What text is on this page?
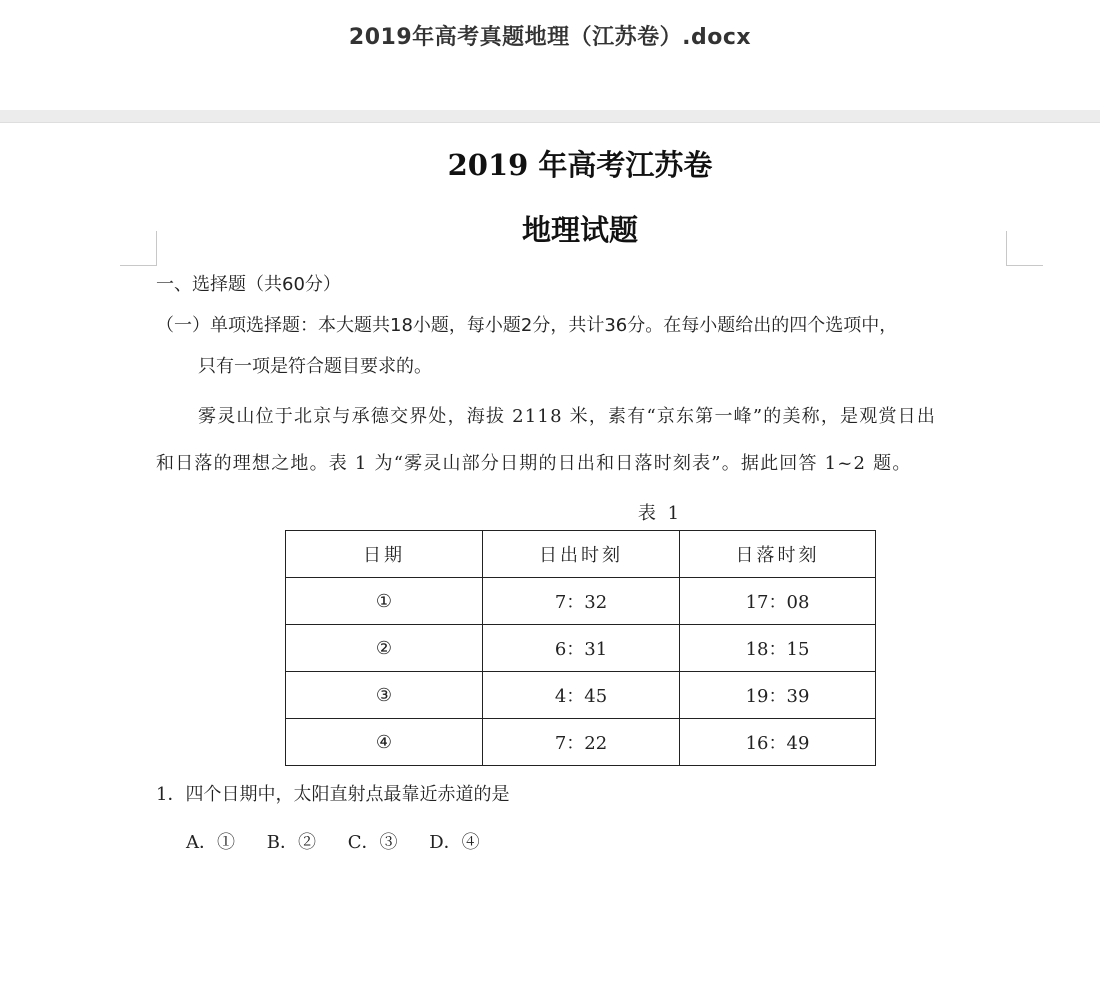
2019年高考真题地理（江苏卷）.docx
2019 年高考江苏卷
地理试题
一、选择题（共60分）
（一）单项选择题：本大题共18小题，每小题2分，共计36分。在每小题给出的四个选项中，
只有一项是符合题目要求的。
雾灵山位于北京与承德交界处，海拔 2118 米，素有“京东第一峰”的美称，是观赏日出
和日落的理想之地。表 1 为“雾灵山部分日期的日出和日落时刻表”。据此回答 1~2 题。
表 1
日期	日出时刻	日落时刻
①	7：32	17：08
②	6：31	18：15
③	4：45	19：39
④	7：22	16：49
1．四个日期中，太阳直射点最靠近赤道的是
A．① B．② C．③ D．④
